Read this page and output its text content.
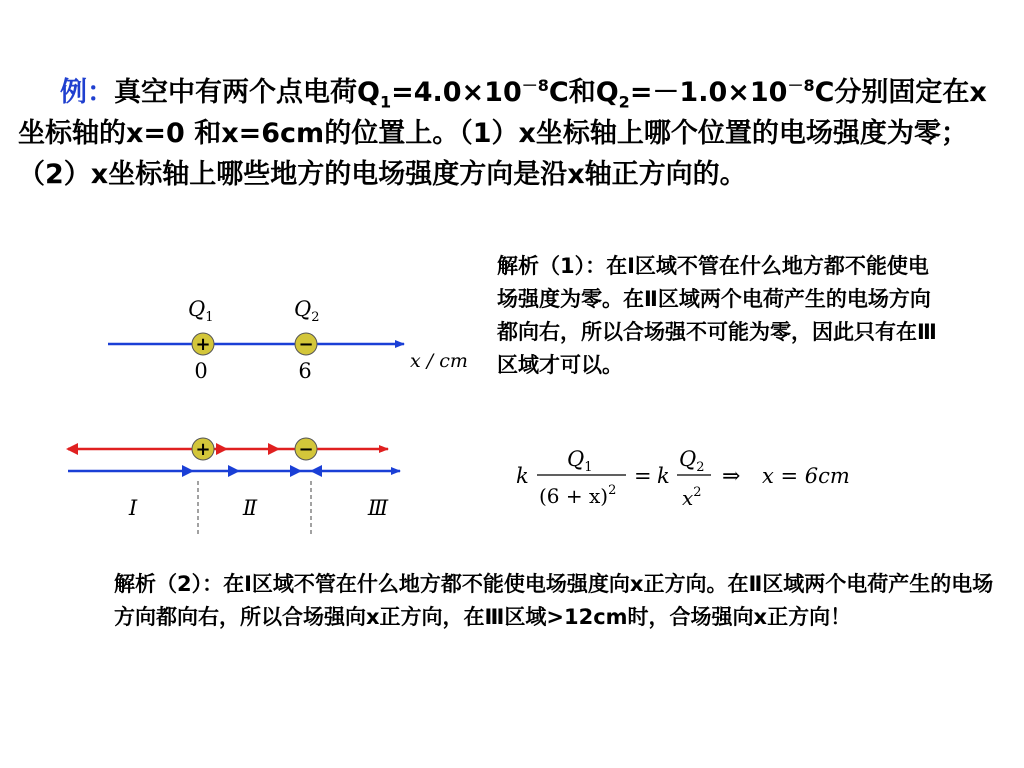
例：真空中有两个点电荷$Q_1=4.0\times 10^{-8}C$和$Q_2=-1.0\times 10^{-8}C$分别固定在x坐标轴的x=0 和x=6cm的位置上。（1）x坐标轴上哪个位置的电场强度为零；（2）x坐标轴上哪些地方的电场强度方向是沿x轴正方向的。

解析（1）：在Ⅰ区域不管在什么地方都不能使电场强度为零。在Ⅱ区域两个电荷产生的电场方向都向右，所以合场强不可能为零，因此只有在Ⅲ区域才可以。

$Q_1$	$Q_2$
+	−
0	6	x / cm
+	−
Ⅰ	Ⅱ	Ⅲ
k
$Q_1$
$(6 + x)^2$
= k
$Q_2$
$x^2$
⇒ x = 6cm

解析（2）：在Ⅰ区域不管在什么地方都不能使电场强度向x正方向。在Ⅱ区域两个电荷产生的电场方向都向右，所以合场强向x正方向，在Ⅲ区域>12cm时，合场强向x正方向！
